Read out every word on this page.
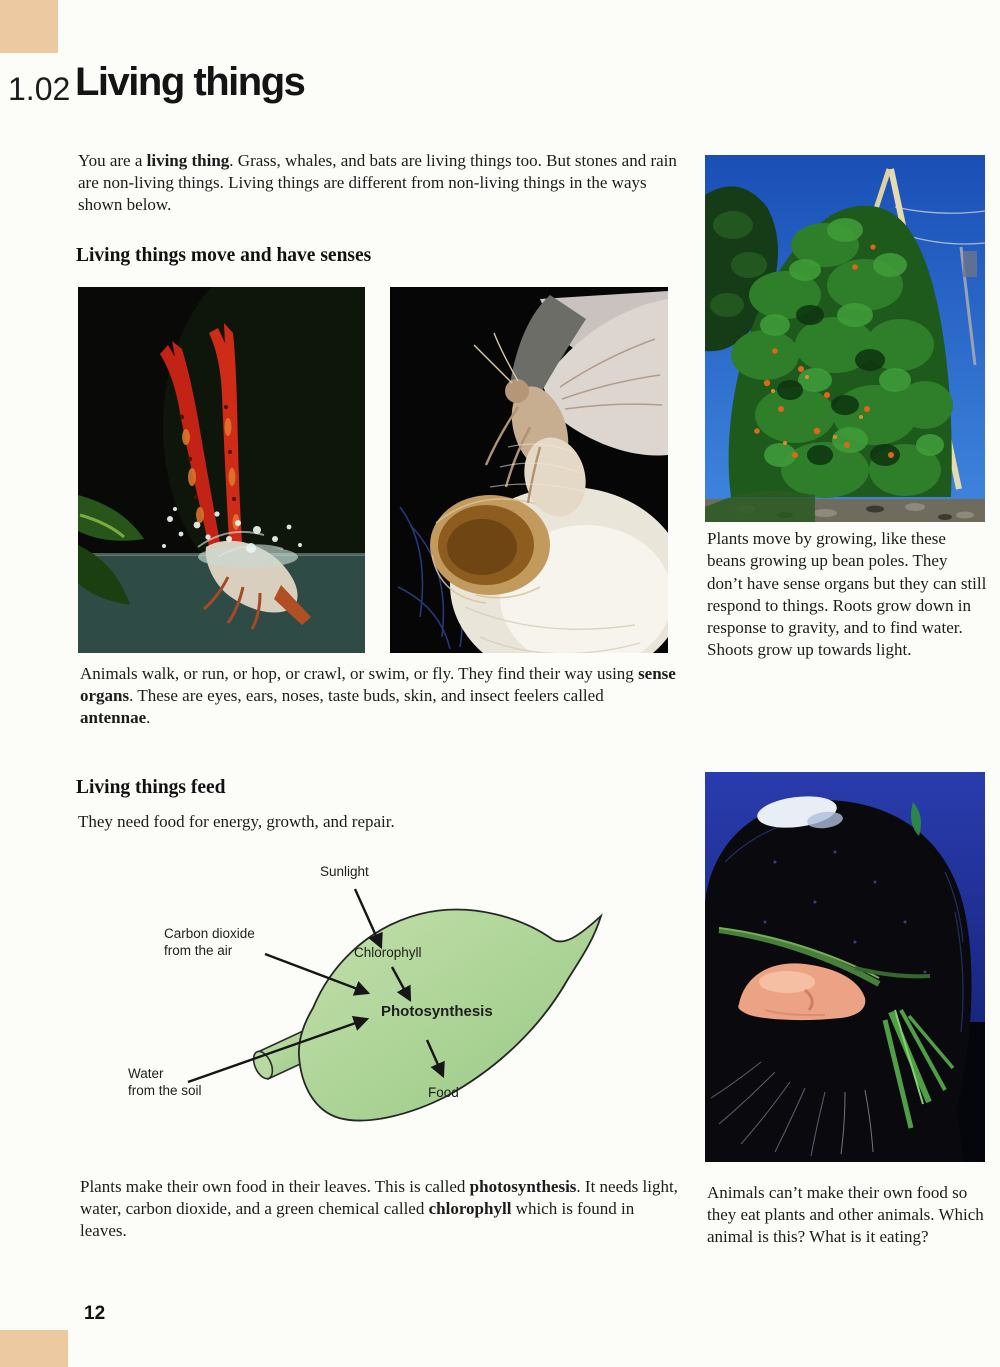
1.02 Living things

You are a living thing. Grass, whales, and bats are living things too. But stones and rain are non-living things. Living things are different from non-living things in the ways shown below.

Living things move and have senses

Plants move by growing, like these beans growing up bean poles. They don’t have sense organs but they can still respond to things. Roots grow down in response to gravity, and to find water. Shoots grow up towards light.

Animals walk, or run, or hop, or crawl, or swim, or fly. They find their way using sense organs. These are eyes, ears, noses, taste buds, skin, and insect feelers called antennae.

Living things feed

They need food for energy, growth, and repair.

Sunlight
Carbon dioxide
from the air	Chlorophyll
Photosynthesis
Food
Water
from the soil

Plants make their own food in their leaves. This is called photosynthesis. It needs light, water, carbon dioxide, and a green chemical called chlorophyll which is found in leaves.

Animals can’t make their own food so they eat plants and other animals. Which animal is this? What is it eating?

12
